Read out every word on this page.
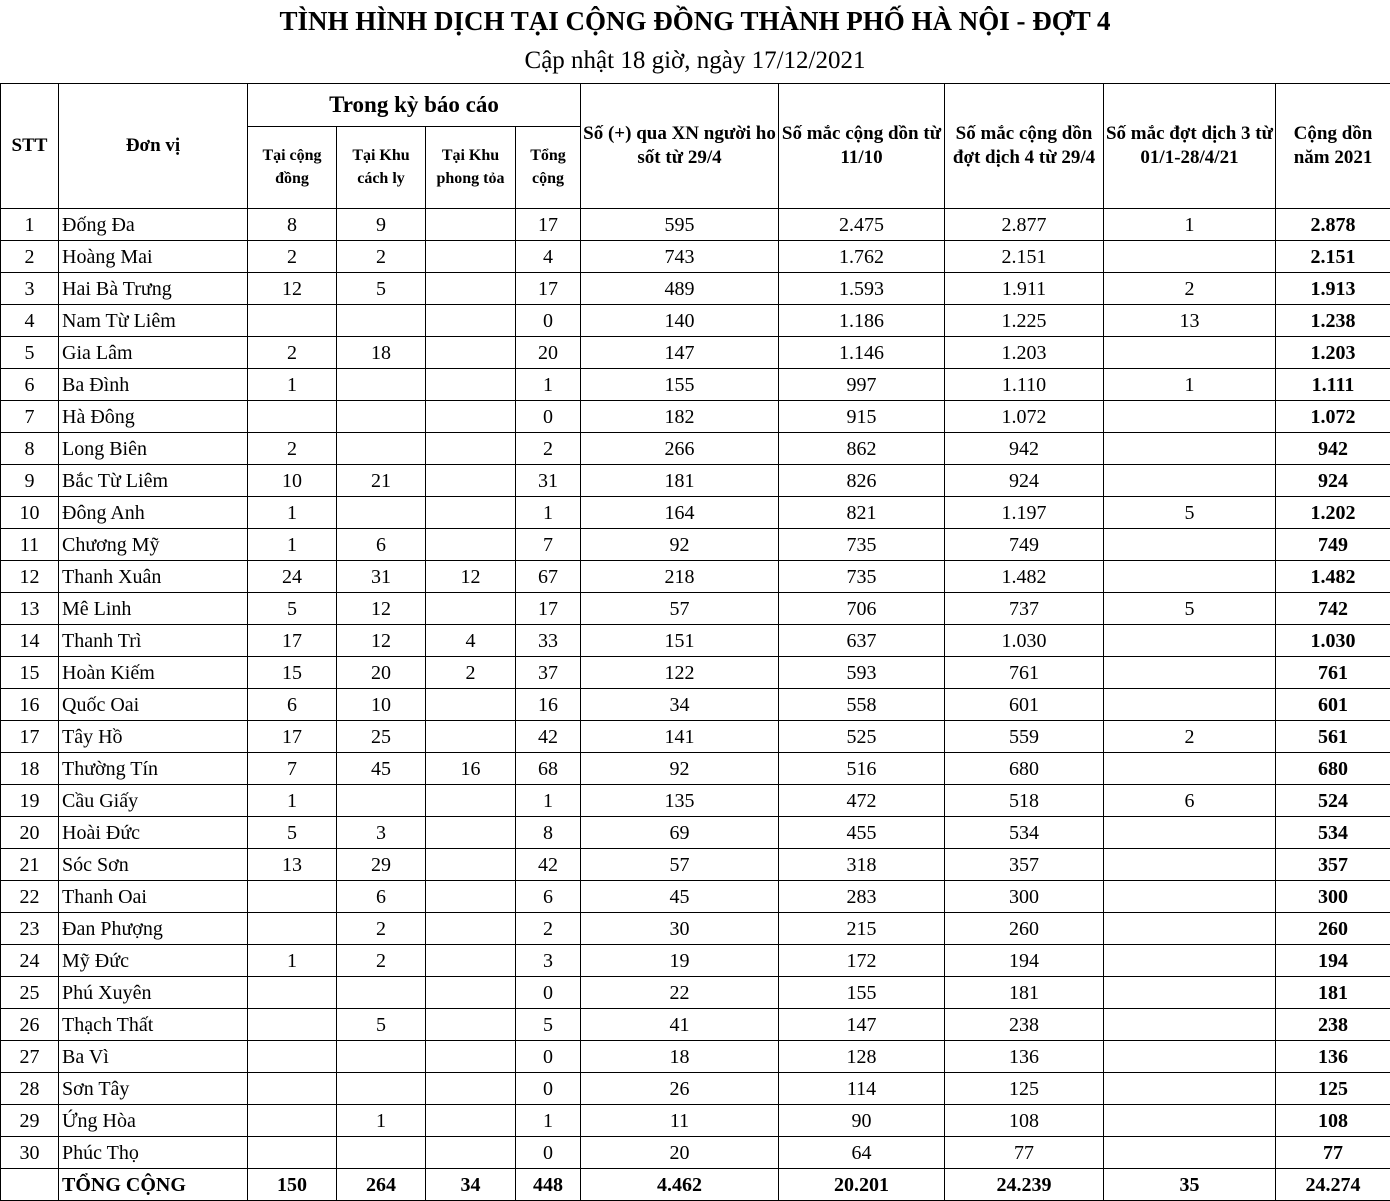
TÌNH HÌNH DỊCH TẠI CỘNG ĐỒNG THÀNH PHỐ HÀ NỘI - ĐỢT 4
Cập nhật 18 giờ, ngày 17/12/2021
STT	Đơn vị	Trong kỳ báo cáo				Số (+) qua XN người ho sốt từ 29/4	Số mắc cộng dồn từ 11/10	Số mắc cộng dồn đợt dịch 4 từ 29/4	Số mắc đợt dịch 3 từ 01/1-28/4/21	Cộng dồn năm 2021
		Tại cộng đồng	Tại Khu cách ly	Tại Khu phong tỏa	Tổng cộng					
1	Đống Đa	8	9		17	595	2.475	2.877	1	2.878
2	Hoàng Mai	2	2		4	743	1.762	2.151		2.151
3	Hai Bà Trưng	12	5		17	489	1.593	1.911	2	1.913
4	Nam Từ Liêm				0	140	1.186	1.225	13	1.238
5	Gia Lâm	2	18		20	147	1.146	1.203		1.203
6	Ba Đình	1			1	155	997	1.110	1	1.111
7	Hà Đông				0	182	915	1.072		1.072
8	Long Biên	2			2	266	862	942		942
9	Bắc Từ Liêm	10	21		31	181	826	924		924
10	Đông Anh	1			1	164	821	1.197	5	1.202
11	Chương Mỹ	1	6		7	92	735	749		749
12	Thanh Xuân	24	31	12	67	218	735	1.482		1.482
13	Mê Linh	5	12		17	57	706	737	5	742
14	Thanh Trì	17	12	4	33	151	637	1.030		1.030
15	Hoàn Kiếm	15	20	2	37	122	593	761		761
16	Quốc Oai	6	10		16	34	558	601		601
17	Tây Hồ	17	25		42	141	525	559	2	561
18	Thường Tín	7	45	16	68	92	516	680		680
19	Cầu Giấy	1			1	135	472	518	6	524
20	Hoài Đức	5	3		8	69	455	534		534
21	Sóc Sơn	13	29		42	57	318	357		357
22	Thanh Oai		6		6	45	283	300		300
23	Đan Phượng		2		2	30	215	260		260
24	Mỹ Đức	1	2		3	19	172	194		194
25	Phú Xuyên				0	22	155	181		181
26	Thạch Thất		5		5	41	147	238		238
27	Ba Vì				0	18	128	136		136
28	Sơn Tây				0	26	114	125		125
29	Ứng Hòa		1		1	11	90	108		108
30	Phúc Thọ				0	20	64	77		77
	TỔNG CỘNG	150	264	34	448	4.462	20.201	24.239	35	24.274
